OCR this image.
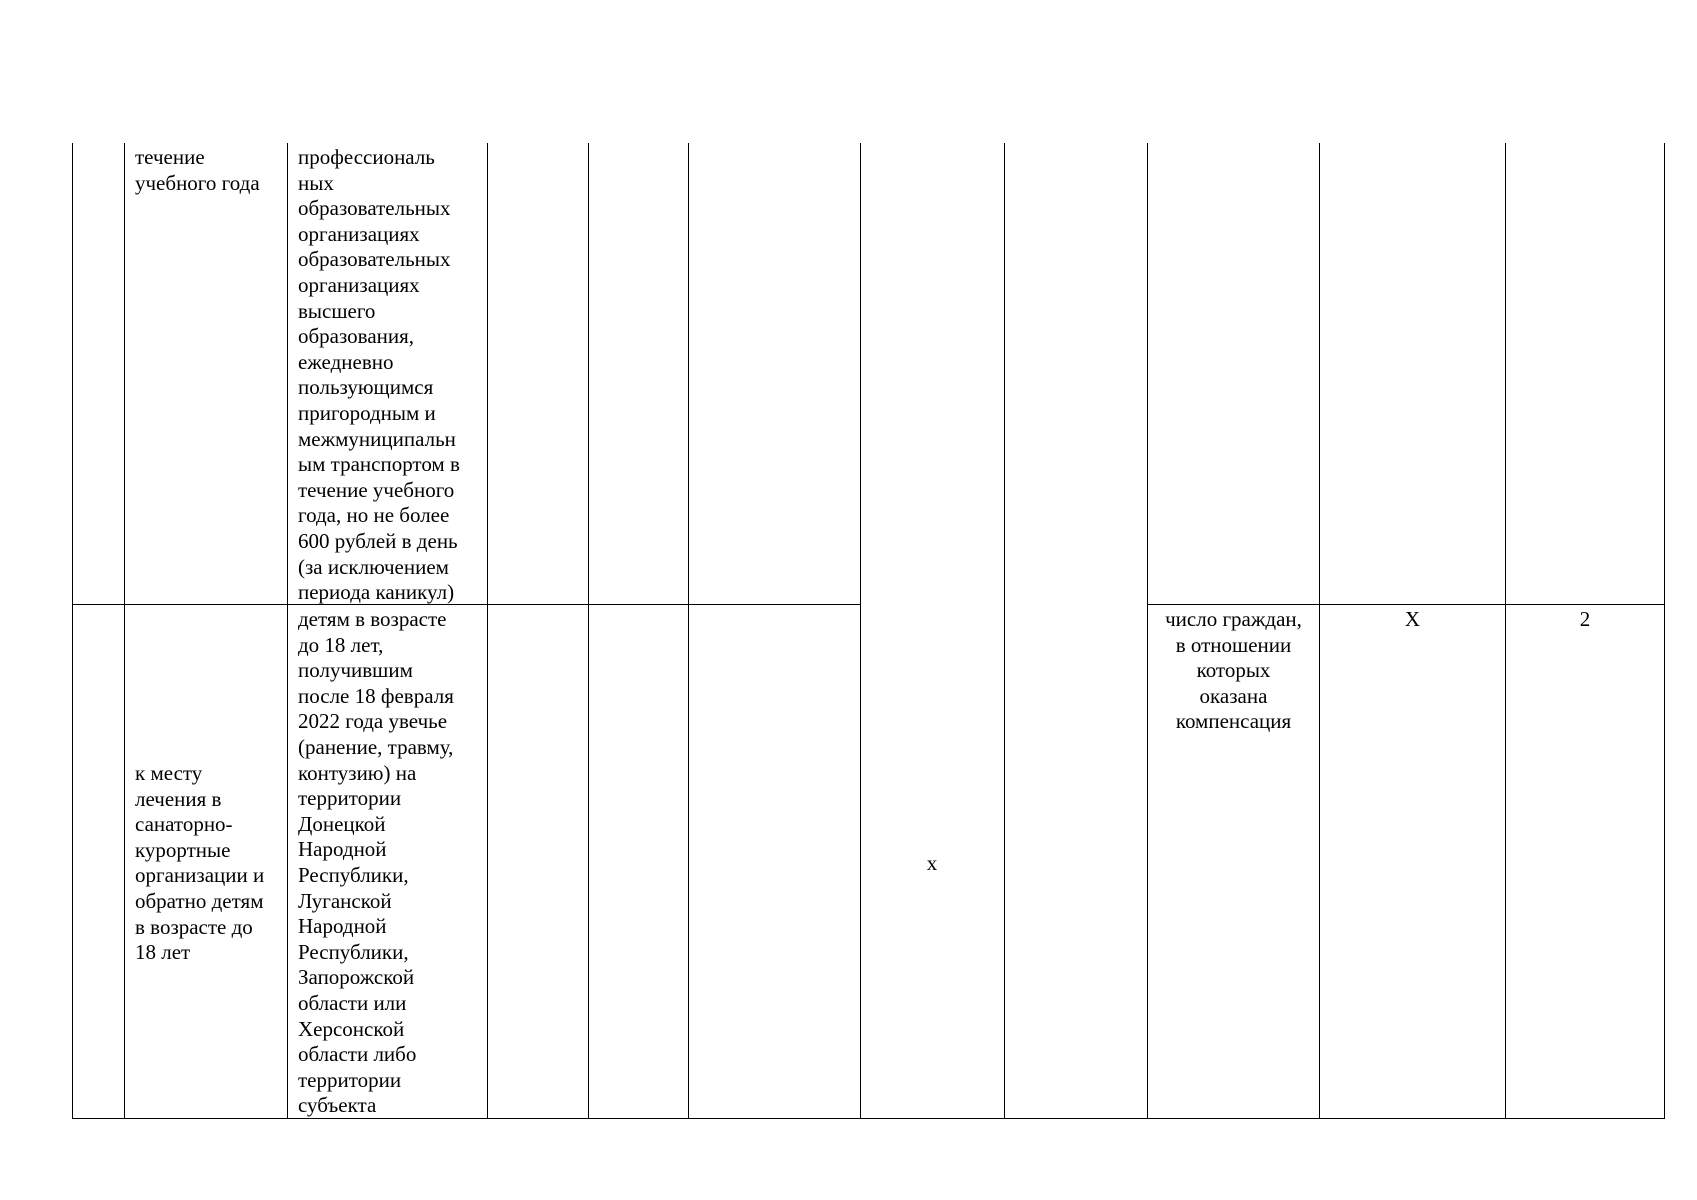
течение
учебного года
профессиональ
ных
образовательных
организациях
образовательных
организациях
высшего
образования,
ежедневно
пользующимся
пригородным и
межмуниципальн
ым транспортом в
течение учебного
года, но не более
600 рублей в день
(за исключением
периода каникул)
к месту
лечения в
санаторно-
курортные
организации и
обратно детям
в возрасте до
18 лет
детям в возрасте
до 18 лет,
получившим
после 18 февраля
2022 года увечье
(ранение, травму,
контузию) на
территории
Донецкой
Народной
Республики,
Луганской
Народной
Республики,
Запорожской
области или
Херсонской
области либо
территории
субъекта
х
число граждан,
в отношении
которых
оказана
компенсация
Х	2
